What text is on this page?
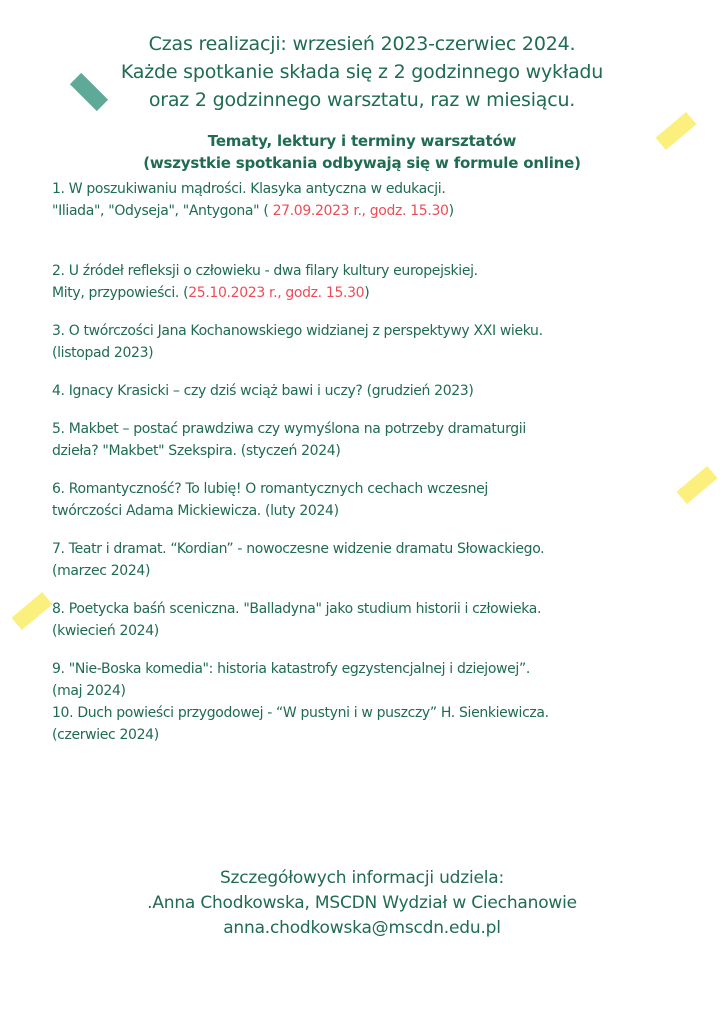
Czas realizacji: wrzesień 2023-czerwiec 2024.

Każde spotkanie składa się z 2 godzinnego wykładu

oraz 2 godzinnego warsztatu, raz w miesiącu.

Tematy, lektury i terminy warsztatów

(wszystkie spotkania odbywają się w formule online)

1. W poszukiwaniu mądrości. Klasyka antyczna w edukacji.
"Iliada", "Odyseja", "Antygona" ( 27.09.2023 r., godz. 15.30)
2. U źródeł refleksji o człowieku - dwa filary kultury europejskiej.
Mity, przypowieści. (25.10.2023 r., godz. 15.30)
3. O twórczości Jana Kochanowskiego widzianej z perspektywy XXI wieku.
(listopad 2023)
4. Ignacy Krasicki – czy dziś wciąż bawi i uczy? (grudzień 2023)
5. Makbet – postać prawdziwa czy wymyślona na potrzeby dramaturgii
dzieła? "Makbet" Szekspira. (styczeń 2024)
6. Romantyczność? To lubię! O romantycznych cechach wczesnej
twórczości Adama Mickiewicza. (luty 2024)
7. Teatr i dramat. “Kordian” - nowoczesne widzenie dramatu Słowackiego.
(marzec 2024)
8. Poetycka baśń sceniczna. "Balladyna" jako studium historii i człowieka.
(kwiecień 2024)
9. "Nie-Boska komedia": historia katastrofy egzystencjalnej i dziejowej”.
(maj 2024)
10. Duch powieści przygodowej - “W pustyni i w puszczy” H. Sienkiewicza.
(czerwiec 2024)

Szczegółowych informacji udziela:

.Anna Chodkowska, MSCDN Wydział w Ciechanowie

anna.chodkowska@mscdn.edu.pl
